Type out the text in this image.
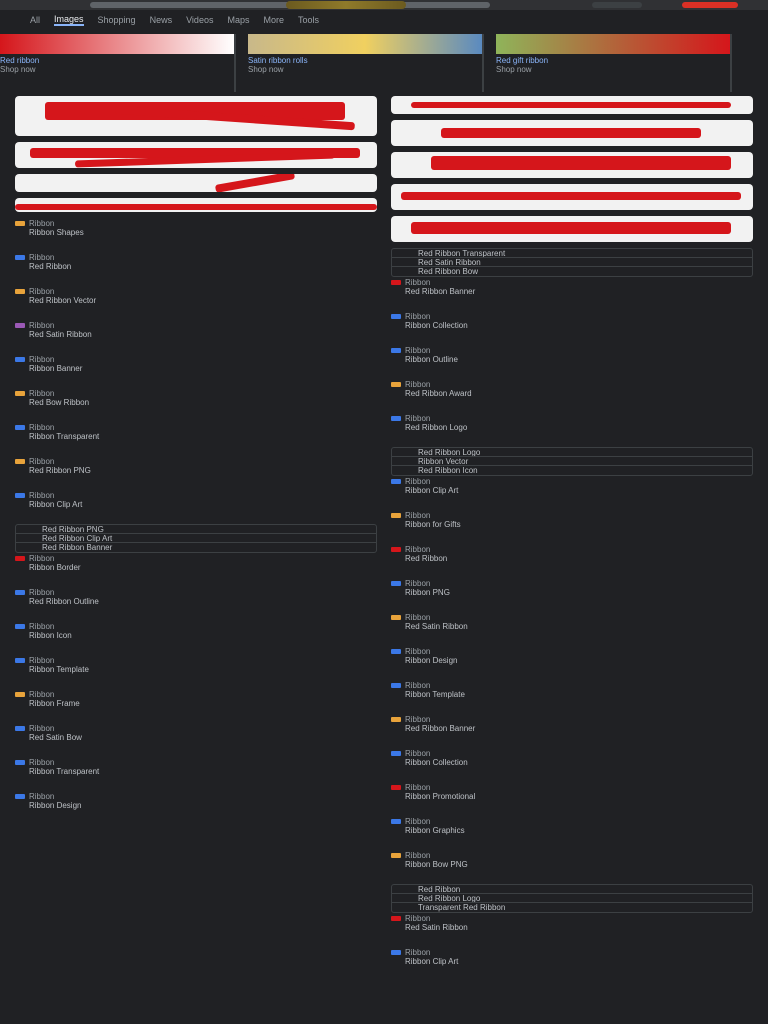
All Images Shopping News Videos Maps More Tools
Red ribbon
Shop now
Satin ribbon rolls
Shop now
Red gift ribbon
Shop now
Ribbon
Ribbon Shapes
Ribbon
Red Ribbon
Ribbon
Red Ribbon Vector
Ribbon
Red Satin Ribbon
Ribbon
Ribbon Banner
Ribbon
Red Bow Ribbon
Ribbon
Ribbon Transparent
Ribbon
Red Ribbon PNG
Ribbon
Ribbon Clip Art
Red Ribbon PNG
Red Ribbon Clip Art
Red Ribbon Banner
Ribbon
Ribbon Border
Ribbon
Red Ribbon Outline
Ribbon
Ribbon Icon
Ribbon
Ribbon Template
Ribbon
Ribbon Frame
Ribbon
Red Satin Bow
Ribbon
Ribbon Transparent
Ribbon
Ribbon Design
Red Ribbon Transparent
Red Satin Ribbon
Red Ribbon Bow
Ribbon
Red Ribbon Banner
Ribbon
Ribbon Collection
Ribbon
Ribbon Outline
Ribbon
Red Ribbon Award
Ribbon
Red Ribbon Logo
Red Ribbon Logo
Ribbon Vector
Red Ribbon Icon
Ribbon
Ribbon Clip Art
Ribbon
Ribbon for Gifts
Ribbon
Red Ribbon
Ribbon
Ribbon PNG
Ribbon
Red Satin Ribbon
Ribbon
Ribbon Design
Ribbon
Ribbon Template
Ribbon
Red Ribbon Banner
Ribbon
Ribbon Collection
Ribbon
Ribbon Promotional
Ribbon
Ribbon Graphics
Ribbon
Ribbon Bow PNG
Red Ribbon
Red Ribbon Logo
Transparent Red Ribbon
Ribbon
Red Satin Ribbon
Ribbon
Ribbon Clip Art
